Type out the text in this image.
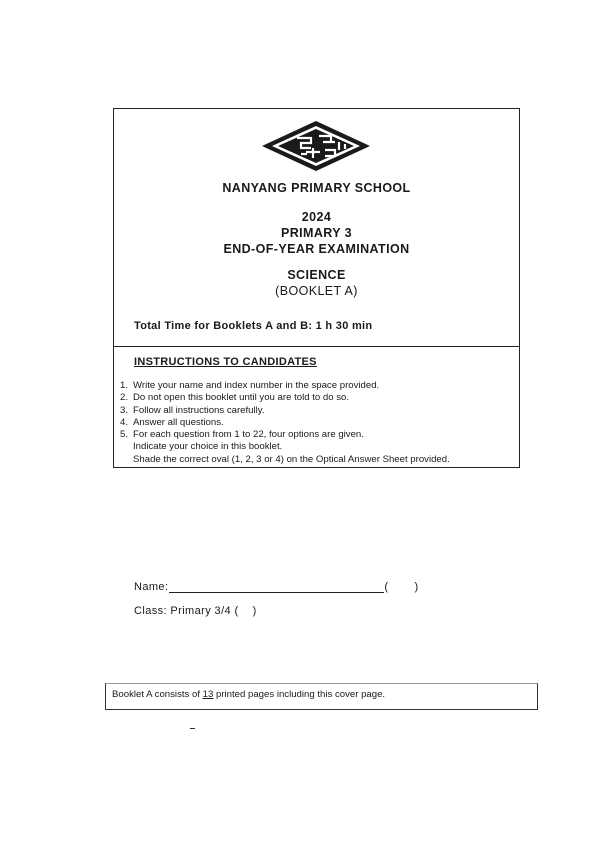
NANYANG PRIMARY SCHOOL
2024
PRIMARY 3
END-OF-YEAR EXAMINATION
SCIENCE
(BOOKLET A)
Total Time for Booklets A and B: 1 h 30 min
INSTRUCTIONS TO CANDIDATES
1. Write your name and index number in the space provided.
2. Do not open this booklet until you are told to do so.
3. Follow all instructions carefully.
4. Answer all questions.
5. For each question from 1 to 22, four options are given.
Indicate your choice in this booklet.
Shade the correct oval (1, 2, 3 or 4) on the Optical Answer Sheet provided.
Name:	( )
Class: Primary 3/4 ( )
Booklet A consists of 13 printed pages including this cover page.
